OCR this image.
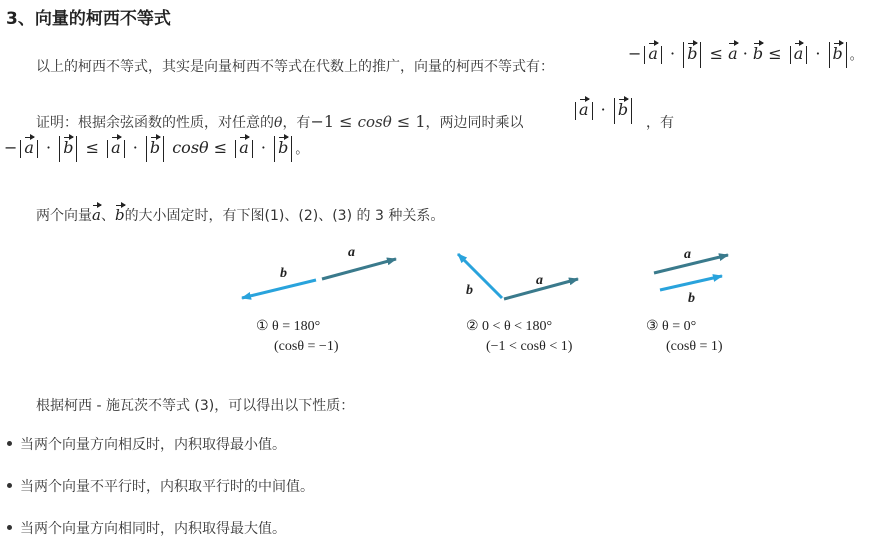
3、向量的柯西不等式
以上的柯西不等式，其实是向量柯西不等式在代数上的推广，向量的柯西不等式有：
− a · b ≤ a · b ≤ a · b 。
证明：根据余弦函数的性质，对任意的θ，有−1 ≤ cosθ ≤ 1，两边同时乘以
a · b
，有
− a · b ≤ a · b cosθ ≤ a · b 。
两个向量a、b的大小固定时，有下图(1)、(2)、(3) 的 3 种关系。
a
b	a
b
a
b
① θ = 180°
(cosθ = −1)
② 0 < θ < 180°
(−1 < cosθ < 1)
③ θ = 0°
(cosθ = 1)
根据柯西 - 施瓦茨不等式 (3)，可以得出以下性质：
当两个向量方向相反时，内积取得最小值。
当两个向量不平行时，内积取平行时的中间值。
当两个向量方向相同时，内积取得最大值。
